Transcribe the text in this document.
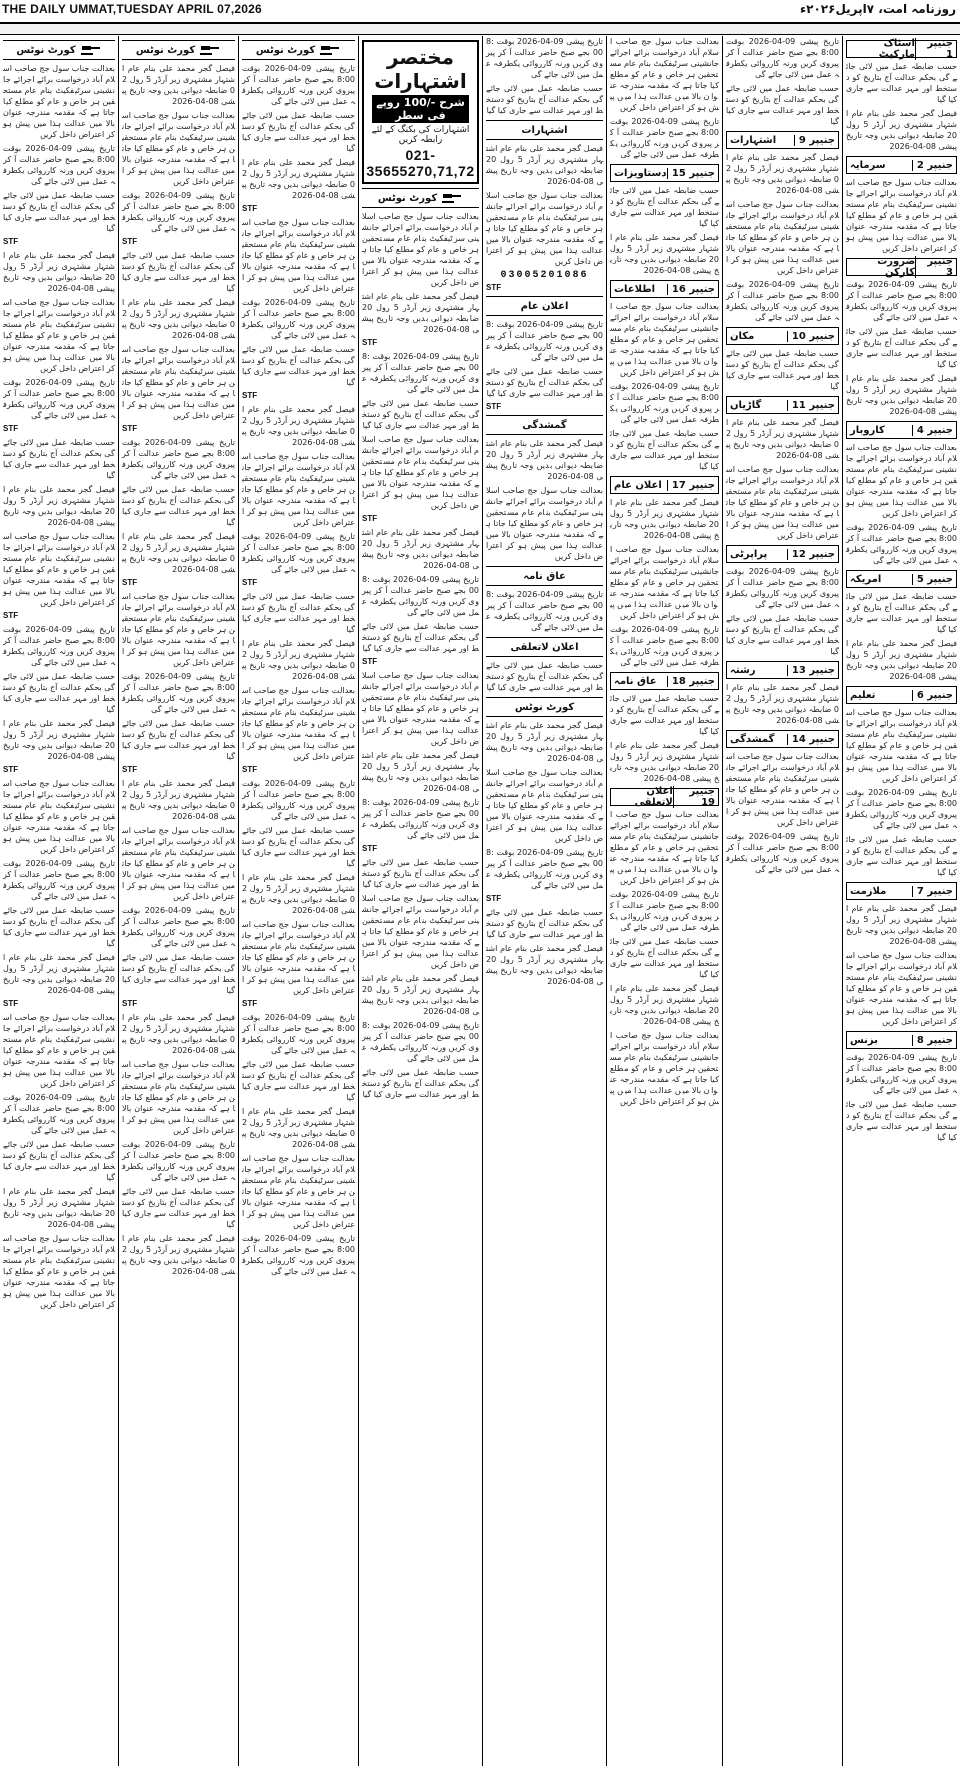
THE DAILY UMMAT,TUESDAY APRIL 07,2026	روزنامہ امت، ۷اپریل۲۰۲۶ء
کورٹ نوٹس

بعدالت جناب سول جج صاحب اسلام آباد درخواست برائے اجرائے جانشینی سرٹیفکیٹ بنام عام مستحقین ہر خاص و عام کو مطلع کیا جاتا ہے کہ مقدمہ مندرجہ عنوان بالا میں عدالت ہذا میں پیش ہو کر اعتراض داخل کریں

تاریخ پیشی 09-04-2026 بوقت 8:00 بجے صبح حاضر عدالت آ کر پیروی کریں ورنہ کارروائی یکطرفہ عمل میں لائی جائے گی

حسب ضابطہ عمل میں لائی جائے گی بحکم عدالت آج بتاریخ کو دستخط اور مہر عدالت سے جاری کیا گیا

STF

فیصل گجر محمد علی بنام عام اشتہار مشتہری زیر آرڈر 5 رول 20 ضابطہ دیوانی بدیں وجہ تاریخ پیشی 08-04-2026

بعدالت جناب سول جج صاحب اسلام آباد درخواست برائے اجرائے جانشینی سرٹیفکیٹ بنام عام مستحقین ہر خاص و عام کو مطلع کیا جاتا ہے کہ مقدمہ مندرجہ عنوان بالا میں عدالت ہذا میں پیش ہو کر اعتراض داخل کریں

تاریخ پیشی 09-04-2026 بوقت 8:00 بجے صبح حاضر عدالت آ کر پیروی کریں ورنہ کارروائی یکطرفہ عمل میں لائی جائے گی

STF

حسب ضابطہ عمل میں لائی جائے گی بحکم عدالت آج بتاریخ کو دستخط اور مہر عدالت سے جاری کیا گیا

فیصل گجر محمد علی بنام عام اشتہار مشتہری زیر آرڈر 5 رول 20 ضابطہ دیوانی بدیں وجہ تاریخ پیشی 08-04-2026

بعدالت جناب سول جج صاحب اسلام آباد درخواست برائے اجرائے جانشینی سرٹیفکیٹ بنام عام مستحقین ہر خاص و عام کو مطلع کیا جاتا ہے کہ مقدمہ مندرجہ عنوان بالا میں عدالت ہذا میں پیش ہو کر اعتراض داخل کریں

STF

تاریخ پیشی 09-04-2026 بوقت 8:00 بجے صبح حاضر عدالت آ کر پیروی کریں ورنہ کارروائی یکطرفہ عمل میں لائی جائے گی

حسب ضابطہ عمل میں لائی جائے گی بحکم عدالت آج بتاریخ کو دستخط اور مہر عدالت سے جاری کیا گیا

فیصل گجر محمد علی بنام عام اشتہار مشتہری زیر آرڈر 5 رول 20 ضابطہ دیوانی بدیں وجہ تاریخ پیشی 08-04-2026

STF

بعدالت جناب سول جج صاحب اسلام آباد درخواست برائے اجرائے جانشینی سرٹیفکیٹ بنام عام مستحقین ہر خاص و عام کو مطلع کیا جاتا ہے کہ مقدمہ مندرجہ عنوان بالا میں عدالت ہذا میں پیش ہو کر اعتراض داخل کریں

تاریخ پیشی 09-04-2026 بوقت 8:00 بجے صبح حاضر عدالت آ کر پیروی کریں ورنہ کارروائی یکطرفہ عمل میں لائی جائے گی

حسب ضابطہ عمل میں لائی جائے گی بحکم عدالت آج بتاریخ کو دستخط اور مہر عدالت سے جاری کیا گیا

فیصل گجر محمد علی بنام عام اشتہار مشتہری زیر آرڈر 5 رول 20 ضابطہ دیوانی بدیں وجہ تاریخ پیشی 08-04-2026

STF

بعدالت جناب سول جج صاحب اسلام آباد درخواست برائے اجرائے جانشینی سرٹیفکیٹ بنام عام مستحقین ہر خاص و عام کو مطلع کیا جاتا ہے کہ مقدمہ مندرجہ عنوان بالا میں عدالت ہذا میں پیش ہو کر اعتراض داخل کریں

تاریخ پیشی 09-04-2026 بوقت 8:00 بجے صبح حاضر عدالت آ کر پیروی کریں ورنہ کارروائی یکطرفہ عمل میں لائی جائے گی

حسب ضابطہ عمل میں لائی جائے گی بحکم عدالت آج بتاریخ کو دستخط اور مہر عدالت سے جاری کیا گیا

فیصل گجر محمد علی بنام عام اشتہار مشتہری زیر آرڈر 5 رول 20 ضابطہ دیوانی بدیں وجہ تاریخ پیشی 08-04-2026

بعدالت جناب سول جج صاحب اسلام آباد درخواست برائے اجرائے جانشینی سرٹیفکیٹ بنام عام مستحقین ہر خاص و عام کو مطلع کیا جاتا ہے کہ مقدمہ مندرجہ عنوان بالا میں عدالت ہذا میں پیش ہو کر اعتراض داخل کریں

کورٹ نوٹس

فیصل گجر محمد علی بنام عام اشتہار مشتہری زیر آرڈر 5 رول 20 ضابطہ دیوانی بدیں وجہ تاریخ پیشی 08-04-2026

بعدالت جناب سول جج صاحب اسلام آباد درخواست برائے اجرائے جانشینی سرٹیفکیٹ بنام عام مستحقین ہر خاص و عام کو مطلع کیا جاتا ہے کہ مقدمہ مندرجہ عنوان بالا میں عدالت ہذا میں پیش ہو کر اعتراض داخل کریں

تاریخ پیشی 09-04-2026 بوقت 8:00 بجے صبح حاضر عدالت آ کر پیروی کریں ورنہ کارروائی یکطرفہ عمل میں لائی جائے گی

STF

حسب ضابطہ عمل میں لائی جائے گی بحکم عدالت آج بتاریخ کو دستخط اور مہر عدالت سے جاری کیا گیا

فیصل گجر محمد علی بنام عام اشتہار مشتہری زیر آرڈر 5 رول 20 ضابطہ دیوانی بدیں وجہ تاریخ پیشی 08-04-2026

بعدالت جناب سول جج صاحب اسلام آباد درخواست برائے اجرائے جانشینی سرٹیفکیٹ بنام عام مستحقین ہر خاص و عام کو مطلع کیا جاتا ہے کہ مقدمہ مندرجہ عنوان بالا میں عدالت ہذا میں پیش ہو کر اعتراض داخل کریں

STF

تاریخ پیشی 09-04-2026 بوقت 8:00 بجے صبح حاضر عدالت آ کر پیروی کریں ورنہ کارروائی یکطرفہ عمل میں لائی جائے گی

حسب ضابطہ عمل میں لائی جائے گی بحکم عدالت آج بتاریخ کو دستخط اور مہر عدالت سے جاری کیا گیا

فیصل گجر محمد علی بنام عام اشتہار مشتہری زیر آرڈر 5 رول 20 ضابطہ دیوانی بدیں وجہ تاریخ پیشی 08-04-2026

STF

بعدالت جناب سول جج صاحب اسلام آباد درخواست برائے اجرائے جانشینی سرٹیفکیٹ بنام عام مستحقین ہر خاص و عام کو مطلع کیا جاتا ہے کہ مقدمہ مندرجہ عنوان بالا میں عدالت ہذا میں پیش ہو کر اعتراض داخل کریں

تاریخ پیشی 09-04-2026 بوقت 8:00 بجے صبح حاضر عدالت آ کر پیروی کریں ورنہ کارروائی یکطرفہ عمل میں لائی جائے گی

حسب ضابطہ عمل میں لائی جائے گی بحکم عدالت آج بتاریخ کو دستخط اور مہر عدالت سے جاری کیا گیا

STF

فیصل گجر محمد علی بنام عام اشتہار مشتہری زیر آرڈر 5 رول 20 ضابطہ دیوانی بدیں وجہ تاریخ پیشی 08-04-2026

بعدالت جناب سول جج صاحب اسلام آباد درخواست برائے اجرائے جانشینی سرٹیفکیٹ بنام عام مستحقین ہر خاص و عام کو مطلع کیا جاتا ہے کہ مقدمہ مندرجہ عنوان بالا میں عدالت ہذا میں پیش ہو کر اعتراض داخل کریں

تاریخ پیشی 09-04-2026 بوقت 8:00 بجے صبح حاضر عدالت آ کر پیروی کریں ورنہ کارروائی یکطرفہ عمل میں لائی جائے گی

حسب ضابطہ عمل میں لائی جائے گی بحکم عدالت آج بتاریخ کو دستخط اور مہر عدالت سے جاری کیا گیا

STF

فیصل گجر محمد علی بنام عام اشتہار مشتہری زیر آرڈر 5 رول 20 ضابطہ دیوانی بدیں وجہ تاریخ پیشی 08-04-2026

بعدالت جناب سول جج صاحب اسلام آباد درخواست برائے اجرائے جانشینی سرٹیفکیٹ بنام عام مستحقین ہر خاص و عام کو مطلع کیا جاتا ہے کہ مقدمہ مندرجہ عنوان بالا میں عدالت ہذا میں پیش ہو کر اعتراض داخل کریں

تاریخ پیشی 09-04-2026 بوقت 8:00 بجے صبح حاضر عدالت آ کر پیروی کریں ورنہ کارروائی یکطرفہ عمل میں لائی جائے گی

حسب ضابطہ عمل میں لائی جائے گی بحکم عدالت آج بتاریخ کو دستخط اور مہر عدالت سے جاری کیا گیا

فیصل گجر محمد علی بنام عام اشتہار مشتہری زیر آرڈر 5 رول 20 ضابطہ دیوانی بدیں وجہ تاریخ پیشی 08-04-2026

کورٹ نوٹس

تاریخ پیشی 09-04-2026 بوقت 8:00 بجے صبح حاضر عدالت آ کر پیروی کریں ورنہ کارروائی یکطرفہ عمل میں لائی جائے گی

حسب ضابطہ عمل میں لائی جائے گی بحکم عدالت آج بتاریخ کو دستخط اور مہر عدالت سے جاری کیا گیا

فیصل گجر محمد علی بنام عام اشتہار مشتہری زیر آرڈر 5 رول 20 ضابطہ دیوانی بدیں وجہ تاریخ پیشی 08-04-2026

STF

بعدالت جناب سول جج صاحب اسلام آباد درخواست برائے اجرائے جانشینی سرٹیفکیٹ بنام عام مستحقین ہر خاص و عام کو مطلع کیا جاتا ہے کہ مقدمہ مندرجہ عنوان بالا میں عدالت ہذا میں پیش ہو کر اعتراض داخل کریں

تاریخ پیشی 09-04-2026 بوقت 8:00 بجے صبح حاضر عدالت آ کر پیروی کریں ورنہ کارروائی یکطرفہ عمل میں لائی جائے گی

حسب ضابطہ عمل میں لائی جائے گی بحکم عدالت آج بتاریخ کو دستخط اور مہر عدالت سے جاری کیا گیا

STF

فیصل گجر محمد علی بنام عام اشتہار مشتہری زیر آرڈر 5 رول 20 ضابطہ دیوانی بدیں وجہ تاریخ پیشی 08-04-2026

بعدالت جناب سول جج صاحب اسلام آباد درخواست برائے اجرائے جانشینی سرٹیفکیٹ بنام عام مستحقین ہر خاص و عام کو مطلع کیا جاتا ہے کہ مقدمہ مندرجہ عنوان بالا میں عدالت ہذا میں پیش ہو کر اعتراض داخل کریں

تاریخ پیشی 09-04-2026 بوقت 8:00 بجے صبح حاضر عدالت آ کر پیروی کریں ورنہ کارروائی یکطرفہ عمل میں لائی جائے گی

STF

حسب ضابطہ عمل میں لائی جائے گی بحکم عدالت آج بتاریخ کو دستخط اور مہر عدالت سے جاری کیا گیا

فیصل گجر محمد علی بنام عام اشتہار مشتہری زیر آرڈر 5 رول 20 ضابطہ دیوانی بدیں وجہ تاریخ پیشی 08-04-2026

بعدالت جناب سول جج صاحب اسلام آباد درخواست برائے اجرائے جانشینی سرٹیفکیٹ بنام عام مستحقین ہر خاص و عام کو مطلع کیا جاتا ہے کہ مقدمہ مندرجہ عنوان بالا میں عدالت ہذا میں پیش ہو کر اعتراض داخل کریں

STF

تاریخ پیشی 09-04-2026 بوقت 8:00 بجے صبح حاضر عدالت آ کر پیروی کریں ورنہ کارروائی یکطرفہ عمل میں لائی جائے گی

حسب ضابطہ عمل میں لائی جائے گی بحکم عدالت آج بتاریخ کو دستخط اور مہر عدالت سے جاری کیا گیا

فیصل گجر محمد علی بنام عام اشتہار مشتہری زیر آرڈر 5 رول 20 ضابطہ دیوانی بدیں وجہ تاریخ پیشی 08-04-2026

بعدالت جناب سول جج صاحب اسلام آباد درخواست برائے اجرائے جانشینی سرٹیفکیٹ بنام عام مستحقین ہر خاص و عام کو مطلع کیا جاتا ہے کہ مقدمہ مندرجہ عنوان بالا میں عدالت ہذا میں پیش ہو کر اعتراض داخل کریں

STF

تاریخ پیشی 09-04-2026 بوقت 8:00 بجے صبح حاضر عدالت آ کر پیروی کریں ورنہ کارروائی یکطرفہ عمل میں لائی جائے گی

حسب ضابطہ عمل میں لائی جائے گی بحکم عدالت آج بتاریخ کو دستخط اور مہر عدالت سے جاری کیا گیا

فیصل گجر محمد علی بنام عام اشتہار مشتہری زیر آرڈر 5 رول 20 ضابطہ دیوانی بدیں وجہ تاریخ پیشی 08-04-2026

بعدالت جناب سول جج صاحب اسلام آباد درخواست برائے اجرائے جانشینی سرٹیفکیٹ بنام عام مستحقین ہر خاص و عام کو مطلع کیا جاتا ہے کہ مقدمہ مندرجہ عنوان بالا میں عدالت ہذا میں پیش ہو کر اعتراض داخل کریں

تاریخ پیشی 09-04-2026 بوقت 8:00 بجے صبح حاضر عدالت آ کر پیروی کریں ورنہ کارروائی یکطرفہ عمل میں لائی جائے گی

مختصر اشتہارات
شرح -/100 روپے فی سطر
اشتہارات کی بکنگ کے لئے رابطہ کریں
021-35655270,71,72
کورٹ نوٹس

بعدالت جناب سول جج صاحب اسلام آباد درخواست برائے اجرائے جانشینی سرٹیفکیٹ بنام عام مستحقین ہر خاص و عام کو مطلع کیا جاتا ہے کہ مقدمہ مندرجہ عنوان بالا میں عدالت ہذا میں پیش ہو کر اعتراض داخل کریں

فیصل گجر محمد علی بنام عام اشتہار مشتہری زیر آرڈر 5 رول 20 ضابطہ دیوانی بدیں وجہ تاریخ پیشی 08-04-2026

STF

تاریخ پیشی 09-04-2026 بوقت 8:00 بجے صبح حاضر عدالت آ کر پیروی کریں ورنہ کارروائی یکطرفہ عمل میں لائی جائے گی

حسب ضابطہ عمل میں لائی جائے گی بحکم عدالت آج بتاریخ کو دستخط اور مہر عدالت سے جاری کیا گیا

بعدالت جناب سول جج صاحب اسلام آباد درخواست برائے اجرائے جانشینی سرٹیفکیٹ بنام عام مستحقین ہر خاص و عام کو مطلع کیا جاتا ہے کہ مقدمہ مندرجہ عنوان بالا میں عدالت ہذا میں پیش ہو کر اعتراض داخل کریں

STF

فیصل گجر محمد علی بنام عام اشتہار مشتہری زیر آرڈر 5 رول 20 ضابطہ دیوانی بدیں وجہ تاریخ پیشی 08-04-2026

تاریخ پیشی 09-04-2026 بوقت 8:00 بجے صبح حاضر عدالت آ کر پیروی کریں ورنہ کارروائی یکطرفہ عمل میں لائی جائے گی

حسب ضابطہ عمل میں لائی جائے گی بحکم عدالت آج بتاریخ کو دستخط اور مہر عدالت سے جاری کیا گیا

STF

بعدالت جناب سول جج صاحب اسلام آباد درخواست برائے اجرائے جانشینی سرٹیفکیٹ بنام عام مستحقین ہر خاص و عام کو مطلع کیا جاتا ہے کہ مقدمہ مندرجہ عنوان بالا میں عدالت ہذا میں پیش ہو کر اعتراض داخل کریں

فیصل گجر محمد علی بنام عام اشتہار مشتہری زیر آرڈر 5 رول 20 ضابطہ دیوانی بدیں وجہ تاریخ پیشی 08-04-2026

تاریخ پیشی 09-04-2026 بوقت 8:00 بجے صبح حاضر عدالت آ کر پیروی کریں ورنہ کارروائی یکطرفہ عمل میں لائی جائے گی

STF

حسب ضابطہ عمل میں لائی جائے گی بحکم عدالت آج بتاریخ کو دستخط اور مہر عدالت سے جاری کیا گیا

بعدالت جناب سول جج صاحب اسلام آباد درخواست برائے اجرائے جانشینی سرٹیفکیٹ بنام عام مستحقین ہر خاص و عام کو مطلع کیا جاتا ہے کہ مقدمہ مندرجہ عنوان بالا میں عدالت ہذا میں پیش ہو کر اعتراض داخل کریں

فیصل گجر محمد علی بنام عام اشتہار مشتہری زیر آرڈر 5 رول 20 ضابطہ دیوانی بدیں وجہ تاریخ پیشی 08-04-2026

تاریخ پیشی 09-04-2026 بوقت 8:00 بجے صبح حاضر عدالت آ کر پیروی کریں ورنہ کارروائی یکطرفہ عمل میں لائی جائے گی

حسب ضابطہ عمل میں لائی جائے گی بحکم عدالت آج بتاریخ کو دستخط اور مہر عدالت سے جاری کیا گیا

تاریخ پیشی 09-04-2026 بوقت 8:00 بجے صبح حاضر عدالت آ کر پیروی کریں ورنہ کارروائی یکطرفہ عمل میں لائی جائے گی

حسب ضابطہ عمل میں لائی جائے گی بحکم عدالت آج بتاریخ کو دستخط اور مہر عدالت سے جاری کیا گیا

اشتہارات

فیصل گجر محمد علی بنام عام اشتہار مشتہری زیر آرڈر 5 رول 20 ضابطہ دیوانی بدیں وجہ تاریخ پیشی 08-04-2026

بعدالت جناب سول جج صاحب اسلام آباد درخواست برائے اجرائے جانشینی سرٹیفکیٹ بنام عام مستحقین ہر خاص و عام کو مطلع کیا جاتا ہے کہ مقدمہ مندرجہ عنوان بالا میں عدالت ہذا میں پیش ہو کر اعتراض داخل کریں

03005201086
STF
اعلان عام

تاریخ پیشی 09-04-2026 بوقت 8:00 بجے صبح حاضر عدالت آ کر پیروی کریں ورنہ کارروائی یکطرفہ عمل میں لائی جائے گی

حسب ضابطہ عمل میں لائی جائے گی بحکم عدالت آج بتاریخ کو دستخط اور مہر عدالت سے جاری کیا گیا

STF
گمشدگی

فیصل گجر محمد علی بنام عام اشتہار مشتہری زیر آرڈر 5 رول 20 ضابطہ دیوانی بدیں وجہ تاریخ پیشی 08-04-2026

بعدالت جناب سول جج صاحب اسلام آباد درخواست برائے اجرائے جانشینی سرٹیفکیٹ بنام عام مستحقین ہر خاص و عام کو مطلع کیا جاتا ہے کہ مقدمہ مندرجہ عنوان بالا میں عدالت ہذا میں پیش ہو کر اعتراض داخل کریں

عاق نامہ

تاریخ پیشی 09-04-2026 بوقت 8:00 بجے صبح حاضر عدالت آ کر پیروی کریں ورنہ کارروائی یکطرفہ عمل میں لائی جائے گی

اعلان لاتعلقی

حسب ضابطہ عمل میں لائی جائے گی بحکم عدالت آج بتاریخ کو دستخط اور مہر عدالت سے جاری کیا گیا

کورٹ نوٹس

فیصل گجر محمد علی بنام عام اشتہار مشتہری زیر آرڈر 5 رول 20 ضابطہ دیوانی بدیں وجہ تاریخ پیشی 08-04-2026

بعدالت جناب سول جج صاحب اسلام آباد درخواست برائے اجرائے جانشینی سرٹیفکیٹ بنام عام مستحقین ہر خاص و عام کو مطلع کیا جاتا ہے کہ مقدمہ مندرجہ عنوان بالا میں عدالت ہذا میں پیش ہو کر اعتراض داخل کریں

تاریخ پیشی 09-04-2026 بوقت 8:00 بجے صبح حاضر عدالت آ کر پیروی کریں ورنہ کارروائی یکطرفہ عمل میں لائی جائے گی

STF

حسب ضابطہ عمل میں لائی جائے گی بحکم عدالت آج بتاریخ کو دستخط اور مہر عدالت سے جاری کیا گیا

فیصل گجر محمد علی بنام عام اشتہار مشتہری زیر آرڈر 5 رول 20 ضابطہ دیوانی بدیں وجہ تاریخ پیشی 08-04-2026

بعدالت جناب سول جج صاحب اسلام آباد درخواست برائے اجرائے جانشینی سرٹیفکیٹ بنام عام مستحقین ہر خاص و عام کو مطلع کیا جاتا ہے کہ مقدمہ مندرجہ عنوان بالا میں عدالت ہذا میں پیش ہو کر اعتراض داخل کریں

تاریخ پیشی 09-04-2026 بوقت 8:00 بجے صبح حاضر عدالت آ کر پیروی کریں ورنہ کارروائی یکطرفہ عمل میں لائی جائے گی

جنیپر 15
دستاویزات

حسب ضابطہ عمل میں لائی جائے گی بحکم عدالت آج بتاریخ کو دستخط اور مہر عدالت سے جاری کیا گیا

فیصل گجر محمد علی بنام عام اشتہار مشتہری زیر آرڈر 5 رول 20 ضابطہ دیوانی بدیں وجہ تاریخ پیشی 08-04-2026

جنیپر 16
اطلاعات

بعدالت جناب سول جج صاحب اسلام آباد درخواست برائے اجرائے جانشینی سرٹیفکیٹ بنام عام مستحقین ہر خاص و عام کو مطلع کیا جاتا ہے کہ مقدمہ مندرجہ عنوان بالا میں عدالت ہذا میں پیش ہو کر اعتراض داخل کریں

تاریخ پیشی 09-04-2026 بوقت 8:00 بجے صبح حاضر عدالت آ کر پیروی کریں ورنہ کارروائی یکطرفہ عمل میں لائی جائے گی

حسب ضابطہ عمل میں لائی جائے گی بحکم عدالت آج بتاریخ کو دستخط اور مہر عدالت سے جاری کیا گیا

جنیپر 17
اعلان عام

فیصل گجر محمد علی بنام عام اشتہار مشتہری زیر آرڈر 5 رول 20 ضابطہ دیوانی بدیں وجہ تاریخ پیشی 08-04-2026

بعدالت جناب سول جج صاحب اسلام آباد درخواست برائے اجرائے جانشینی سرٹیفکیٹ بنام عام مستحقین ہر خاص و عام کو مطلع کیا جاتا ہے کہ مقدمہ مندرجہ عنوان بالا میں عدالت ہذا میں پیش ہو کر اعتراض داخل کریں

تاریخ پیشی 09-04-2026 بوقت 8:00 بجے صبح حاضر عدالت آ کر پیروی کریں ورنہ کارروائی یکطرفہ عمل میں لائی جائے گی

جنیپر 18
عاق نامہ

حسب ضابطہ عمل میں لائی جائے گی بحکم عدالت آج بتاریخ کو دستخط اور مہر عدالت سے جاری کیا گیا

فیصل گجر محمد علی بنام عام اشتہار مشتہری زیر آرڈر 5 رول 20 ضابطہ دیوانی بدیں وجہ تاریخ پیشی 08-04-2026

جنیپر 19
اعلان لاتعلقی

بعدالت جناب سول جج صاحب اسلام آباد درخواست برائے اجرائے جانشینی سرٹیفکیٹ بنام عام مستحقین ہر خاص و عام کو مطلع کیا جاتا ہے کہ مقدمہ مندرجہ عنوان بالا میں عدالت ہذا میں پیش ہو کر اعتراض داخل کریں

تاریخ پیشی 09-04-2026 بوقت 8:00 بجے صبح حاضر عدالت آ کر پیروی کریں ورنہ کارروائی یکطرفہ عمل میں لائی جائے گی

حسب ضابطہ عمل میں لائی جائے گی بحکم عدالت آج بتاریخ کو دستخط اور مہر عدالت سے جاری کیا گیا

فیصل گجر محمد علی بنام عام اشتہار مشتہری زیر آرڈر 5 رول 20 ضابطہ دیوانی بدیں وجہ تاریخ پیشی 08-04-2026

بعدالت جناب سول جج صاحب اسلام آباد درخواست برائے اجرائے جانشینی سرٹیفکیٹ بنام عام مستحقین ہر خاص و عام کو مطلع کیا جاتا ہے کہ مقدمہ مندرجہ عنوان بالا میں عدالت ہذا میں پیش ہو کر اعتراض داخل کریں

تاریخ پیشی 09-04-2026 بوقت 8:00 بجے صبح حاضر عدالت آ کر پیروی کریں ورنہ کارروائی یکطرفہ عمل میں لائی جائے گی

حسب ضابطہ عمل میں لائی جائے گی بحکم عدالت آج بتاریخ کو دستخط اور مہر عدالت سے جاری کیا گیا

جنیپر 9
اشتہارات

فیصل گجر محمد علی بنام عام اشتہار مشتہری زیر آرڈر 5 رول 20 ضابطہ دیوانی بدیں وجہ تاریخ پیشی 08-04-2026

بعدالت جناب سول جج صاحب اسلام آباد درخواست برائے اجرائے جانشینی سرٹیفکیٹ بنام عام مستحقین ہر خاص و عام کو مطلع کیا جاتا ہے کہ مقدمہ مندرجہ عنوان بالا میں عدالت ہذا میں پیش ہو کر اعتراض داخل کریں

تاریخ پیشی 09-04-2026 بوقت 8:00 بجے صبح حاضر عدالت آ کر پیروی کریں ورنہ کارروائی یکطرفہ عمل میں لائی جائے گی

جنیپر 10
مکان

حسب ضابطہ عمل میں لائی جائے گی بحکم عدالت آج بتاریخ کو دستخط اور مہر عدالت سے جاری کیا گیا

جنیپر 11
گاڑیاں

فیصل گجر محمد علی بنام عام اشتہار مشتہری زیر آرڈر 5 رول 20 ضابطہ دیوانی بدیں وجہ تاریخ پیشی 08-04-2026

بعدالت جناب سول جج صاحب اسلام آباد درخواست برائے اجرائے جانشینی سرٹیفکیٹ بنام عام مستحقین ہر خاص و عام کو مطلع کیا جاتا ہے کہ مقدمہ مندرجہ عنوان بالا میں عدالت ہذا میں پیش ہو کر اعتراض داخل کریں

جنیپر 12
پراپرٹی

تاریخ پیشی 09-04-2026 بوقت 8:00 بجے صبح حاضر عدالت آ کر پیروی کریں ورنہ کارروائی یکطرفہ عمل میں لائی جائے گی

حسب ضابطہ عمل میں لائی جائے گی بحکم عدالت آج بتاریخ کو دستخط اور مہر عدالت سے جاری کیا گیا

جنیپر 13
رشتہ

فیصل گجر محمد علی بنام عام اشتہار مشتہری زیر آرڈر 5 رول 20 ضابطہ دیوانی بدیں وجہ تاریخ پیشی 08-04-2026

جنیپر 14
گمشدگی

بعدالت جناب سول جج صاحب اسلام آباد درخواست برائے اجرائے جانشینی سرٹیفکیٹ بنام عام مستحقین ہر خاص و عام کو مطلع کیا جاتا ہے کہ مقدمہ مندرجہ عنوان بالا میں عدالت ہذا میں پیش ہو کر اعتراض داخل کریں

تاریخ پیشی 09-04-2026 بوقت 8:00 بجے صبح حاضر عدالت آ کر پیروی کریں ورنہ کارروائی یکطرفہ عمل میں لائی جائے گی

جنیپر 1
اسٹاک مارکیٹ

حسب ضابطہ عمل میں لائی جائے گی بحکم عدالت آج بتاریخ کو دستخط اور مہر عدالت سے جاری کیا گیا

فیصل گجر محمد علی بنام عام اشتہار مشتہری زیر آرڈر 5 رول 20 ضابطہ دیوانی بدیں وجہ تاریخ پیشی 08-04-2026

جنیپر 2
سرمایہ

بعدالت جناب سول جج صاحب اسلام آباد درخواست برائے اجرائے جانشینی سرٹیفکیٹ بنام عام مستحقین ہر خاص و عام کو مطلع کیا جاتا ہے کہ مقدمہ مندرجہ عنوان بالا میں عدالت ہذا میں پیش ہو کر اعتراض داخل کریں

جنیپر 3
ضرورت کارکن

تاریخ پیشی 09-04-2026 بوقت 8:00 بجے صبح حاضر عدالت آ کر پیروی کریں ورنہ کارروائی یکطرفہ عمل میں لائی جائے گی

حسب ضابطہ عمل میں لائی جائے گی بحکم عدالت آج بتاریخ کو دستخط اور مہر عدالت سے جاری کیا گیا

فیصل گجر محمد علی بنام عام اشتہار مشتہری زیر آرڈر 5 رول 20 ضابطہ دیوانی بدیں وجہ تاریخ پیشی 08-04-2026

جنیپر 4
کاروبار

بعدالت جناب سول جج صاحب اسلام آباد درخواست برائے اجرائے جانشینی سرٹیفکیٹ بنام عام مستحقین ہر خاص و عام کو مطلع کیا جاتا ہے کہ مقدمہ مندرجہ عنوان بالا میں عدالت ہذا میں پیش ہو کر اعتراض داخل کریں

تاریخ پیشی 09-04-2026 بوقت 8:00 بجے صبح حاضر عدالت آ کر پیروی کریں ورنہ کارروائی یکطرفہ عمل میں لائی جائے گی

جنیپر 5
امریکہ

حسب ضابطہ عمل میں لائی جائے گی بحکم عدالت آج بتاریخ کو دستخط اور مہر عدالت سے جاری کیا گیا

فیصل گجر محمد علی بنام عام اشتہار مشتہری زیر آرڈر 5 رول 20 ضابطہ دیوانی بدیں وجہ تاریخ پیشی 08-04-2026

جنیپر 6
تعلیم

بعدالت جناب سول جج صاحب اسلام آباد درخواست برائے اجرائے جانشینی سرٹیفکیٹ بنام عام مستحقین ہر خاص و عام کو مطلع کیا جاتا ہے کہ مقدمہ مندرجہ عنوان بالا میں عدالت ہذا میں پیش ہو کر اعتراض داخل کریں

تاریخ پیشی 09-04-2026 بوقت 8:00 بجے صبح حاضر عدالت آ کر پیروی کریں ورنہ کارروائی یکطرفہ عمل میں لائی جائے گی

حسب ضابطہ عمل میں لائی جائے گی بحکم عدالت آج بتاریخ کو دستخط اور مہر عدالت سے جاری کیا گیا

جنیپر 7
ملازمت

فیصل گجر محمد علی بنام عام اشتہار مشتہری زیر آرڈر 5 رول 20 ضابطہ دیوانی بدیں وجہ تاریخ پیشی 08-04-2026

بعدالت جناب سول جج صاحب اسلام آباد درخواست برائے اجرائے جانشینی سرٹیفکیٹ بنام عام مستحقین ہر خاص و عام کو مطلع کیا جاتا ہے کہ مقدمہ مندرجہ عنوان بالا میں عدالت ہذا میں پیش ہو کر اعتراض داخل کریں

جنیپر 8
بزنس

تاریخ پیشی 09-04-2026 بوقت 8:00 بجے صبح حاضر عدالت آ کر پیروی کریں ورنہ کارروائی یکطرفہ عمل میں لائی جائے گی

حسب ضابطہ عمل میں لائی جائے گی بحکم عدالت آج بتاریخ کو دستخط اور مہر عدالت سے جاری کیا گیا
